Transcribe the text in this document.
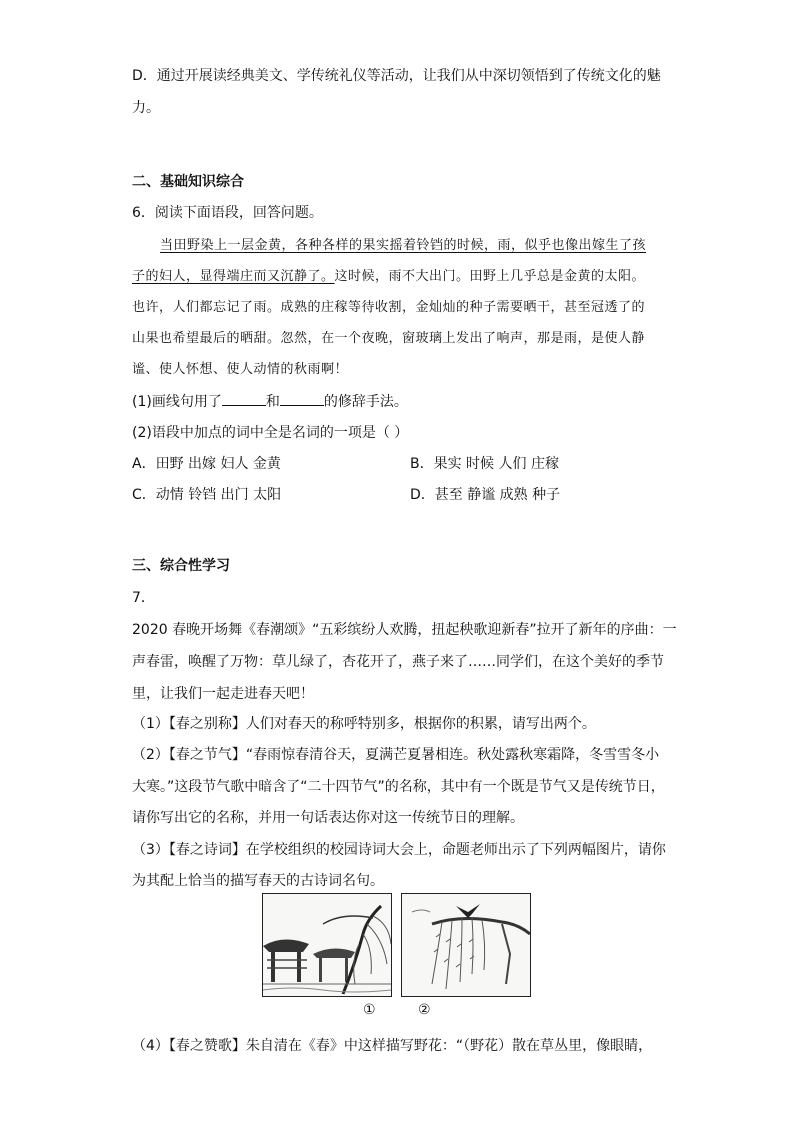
D．通过开展读经典美文、学传统礼仪等活动，让我们从中深切领悟到了传统文化的魅
力。
二、基础知识综合
6．阅读下面语段，回答问题。
当田野染上一层金黄，各种各样的果实摇着铃铛的时候，雨，似乎也像出嫁生了孩
子的妇人，显得端庄而又沉静了。这时候，雨不大出门。田野上几乎总是金黄的太阳。
也许，人们都忘记了雨。成熟的庄稼等待收割，金灿灿的种子需要晒干，甚至冠透了的
山果也希望最后的晒甜。忽然，在一个夜晚，窗玻璃上发出了响声，那是雨，是使人静
谧、使人怀想、使人动情的秋雨啊！
(1)画线句用了	和	的修辞手法。
(2)语段中加点的词中全是名词的一项是（ ）
A．田野 出嫁 妇人 金黄	B．果实 时候 人们 庄稼
C．动情 铃铛 出门 太阳	D．甚至 静谧 成熟 种子
三、综合性学习
7．
2020 春晚开场舞《春潮颂》“五彩缤纷人欢腾，扭起秧歌迎新春”拉开了新年的序曲：一
声春雷，唤醒了万物：草儿绿了，杏花开了，燕子来了……同学们，在这个美好的季节
里，让我们一起走进春天吧！
（1）【春之别称】人们对春天的称呼特别多，根据你的积累，请写出两个。
（2）【春之节气】“春雨惊春清谷天，夏满芒夏暑相连。秋处露秋寒霜降，冬雪雪冬小
大寒。”这段节气歌中暗含了“二十四节气”的名称，其中有一个既是节气又是传统节日，
请你写出它的名称，并用一句话表达你对这一传统节日的理解。
（3）【春之诗词】在学校组织的校园诗词大会上，命题老师出示了下列两幅图片，请你
为其配上恰当的描写春天的古诗词名句。
①	②
（4）【春之赞歌】朱自清在《春》中这样描写野花：“（野花）散在草丛里，像眼睛，
